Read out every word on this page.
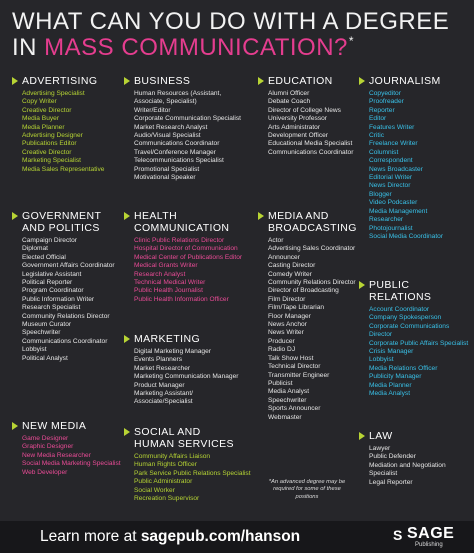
WHAT CAN YOU DO WITH A DEGREE
IN MASS COMMUNICATION?*
ADVERTISING
Advertising Specialist
Copy Writer
Creative Director
Media Buyer
Media Planner
Advertising Designer
Publications Editor
Creative Director
Marketing Specialist
Media Sales Representative
BUSINESS
Human Resources (Assistant, Associate, Specialist)
Writer/Editor
Corporate Communication Specialist
Market Research Analyst
Audio/Visual Specialist
Communications Coordinator
Travel/Conference Manager
Telecommunications Specialist
Promotional Specialist
Motivational Speaker
EDUCATION
Alumni Officer
Debate Coach
Director of College News
University Professor
Arts Administrator
Development Officer
Educational Media Specialist
Communications Coordinator
JOURNALISM
Copyeditor
Proofreader
Reporter
Editor
Features Writer
Critic
Freelance Writer
Columnist
Correspondent
News Broadcaster
Editorial Writer
News Director
Blogger
Video Podcaster
Media Management
Researcher
Photojournalist
Social Media Coordinator
GOVERNMENT
AND POLITICS
Campaign Director
Diplomat
Elected Official
Government Affairs Coordinator
Legislative Assistant
Political Reporter
Program Coordinator
Public Information Writer
Research Specialist
Community Relations Director
Museum Curator
Speechwriter
Communications Coordinator
Lobbyist
Political Analyst
HEALTH
COMMUNICATION
Clinic Public Relations Director
Hospital Director of Communication
Medical Center of Publications Editor
Medical Grants Writer
Research Analyst
Technical Medical Writer
Public Health Journalist
Public Health Information Officer
MEDIA AND
BROADCASTING
Actor
Advertising Sales Coordinator
Announcer
Casting Director
Comedy Writer
Community Relations Director
Director of Broadcasting
Film Director
Film/Tape Librarian
Floor Manager
News Anchor
News Writer
Producer
Radio DJ
Talk Show Host
Technical Director
Transmitter Engineer
Publicist
Media Analyst
Speechwriter
Sports Announcer
Webmaster
PUBLIC
RELATIONS
Account Coordinator
Company Spokesperson
Corporate Communications Director
Corporate Public Affairs Specialist
Crisis Manager
Lobbyist
Media Relations Officer
Publicity Manager
Media Planner
Media Analyst
MARKETING
Digital Marketing Manager
Events Planners
Market Researcher
Marketing Communication Manager
Product Manager
Marketing Assistant/ Associate/Specialist
NEW MEDIA
Game Designer
Graphic Designer
New Media Researcher
Social Media Marketing Specialist
Web Developer
SOCIAL AND
HUMAN SERVICES
Community Affairs Liaison
Human Rights Officer
Park Service Public Relations Specialist
Public Administrator
Social Worker
Recreation Supervisor
LAW
Lawyer
Public Defender
Mediation and Negotiation Specialist
Legal Reporter
*An advanced degree may be required for some of these positions
Learn more at sagepub.com/hanson	S SAGE
Publishing
